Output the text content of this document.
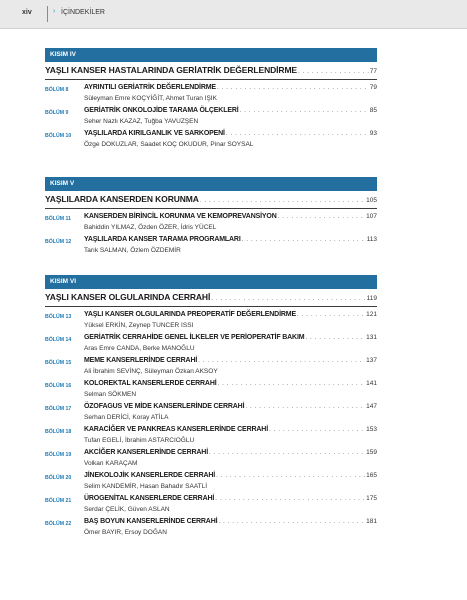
xiv	› İÇİNDEKİLER
KISIM IV
YAŞLI KANSER HASTALARINDA GERİATRİK DEĞERLENDİRME . . .	77
BÖLÜM 8 AYRINTILI GERİATRİK DEĞERLENDİRME . . .	79
Süleyman Emre KOÇYİĞİT, Ahmet Turan IŞIK
BÖLÜM 9 GERİATRİK ONKOLOJİDE TARAMA ÖLÇEKLERİ . . .	85
Seher Nazlı KAZAZ, Tuğba YAVUZŞEN
BÖLÜM 10 YAŞLILARDA KIRILGANLIK VE SARKOPENİ . . .	93
Özge DOKUZLAR, Saadet KOÇ OKUDUR, Pinar SOYSAL
KISIM V
YAŞLILARDA KANSERDEN KORUNMA . . .	105
BÖLÜM 11 KANSERDEN BİRİNCİL KORUNMA VE KEMOPREVANSİYON . . .	107
Bahiddin YILMAZ, Özden ÖZER, İdris YÜCEL
BÖLÜM 12 YAŞLILARDA KANSER TARAMA PROGRAMLARI . . .	113
Tarık SALMAN, Özlem ÖZDEMİR
KISIM VI
YAŞLI KANSER OLGULARINDA CERRAHİ . . .	119
BÖLÜM 13 YAŞLI KANSER OLGULARINDA PREOPERATİF DEĞERLENDİRME . . .	121
Yüksel ERKİN, Zeynep TUNCER ISSI
BÖLÜM 14 GERİATRİK CERRAHİDE GENEL İLKELER VE PERİOPERATİF BAKIM . . .	131
Aras Emre CANDA, Berke MANOĞLU
BÖLÜM 15 MEME KANSERLERİNDE CERRAHİ . . .	137
Ali İbrahim SEVİNÇ, Süleyman Özkan AKSOY
BÖLÜM 16 KOLOREKTAL KANSERLERDE CERRAHİ . . .	141
Selman SÖKMEN
BÖLÜM 17 ÖZOFAGUS VE MİDE KANSERLERİNDE CERRAHİ . . .	147
Serhan DERİCİ, Koray ATİLA
BÖLÜM 18 KARACİĞER VE PANKREAS KANSERLERİNDE CERRAHİ . . .	153
Tufan EGELİ, İbrahim ASTARCIOĞLU
BÖLÜM 19 AKCİĞER KANSERLERİNDE CERRAHİ . . .	159
Volkan KARAÇAM
BÖLÜM 20 JİNEKOLOJİK KANSERLERDE CERRAHİ . . .	165
Selim KANDEMİR, Hasan Bahadır SAATLİ
BÖLÜM 21 ÜROGENİTAL KANSERLERDE CERRAHİ . . .	175
Serdar ÇELİK, Güven ASLAN
BÖLÜM 22 BAŞ BOYUN KANSERLERİNDE CERRAHİ . . .	181
Ömer BAYIR, Ersoy DOĞAN
